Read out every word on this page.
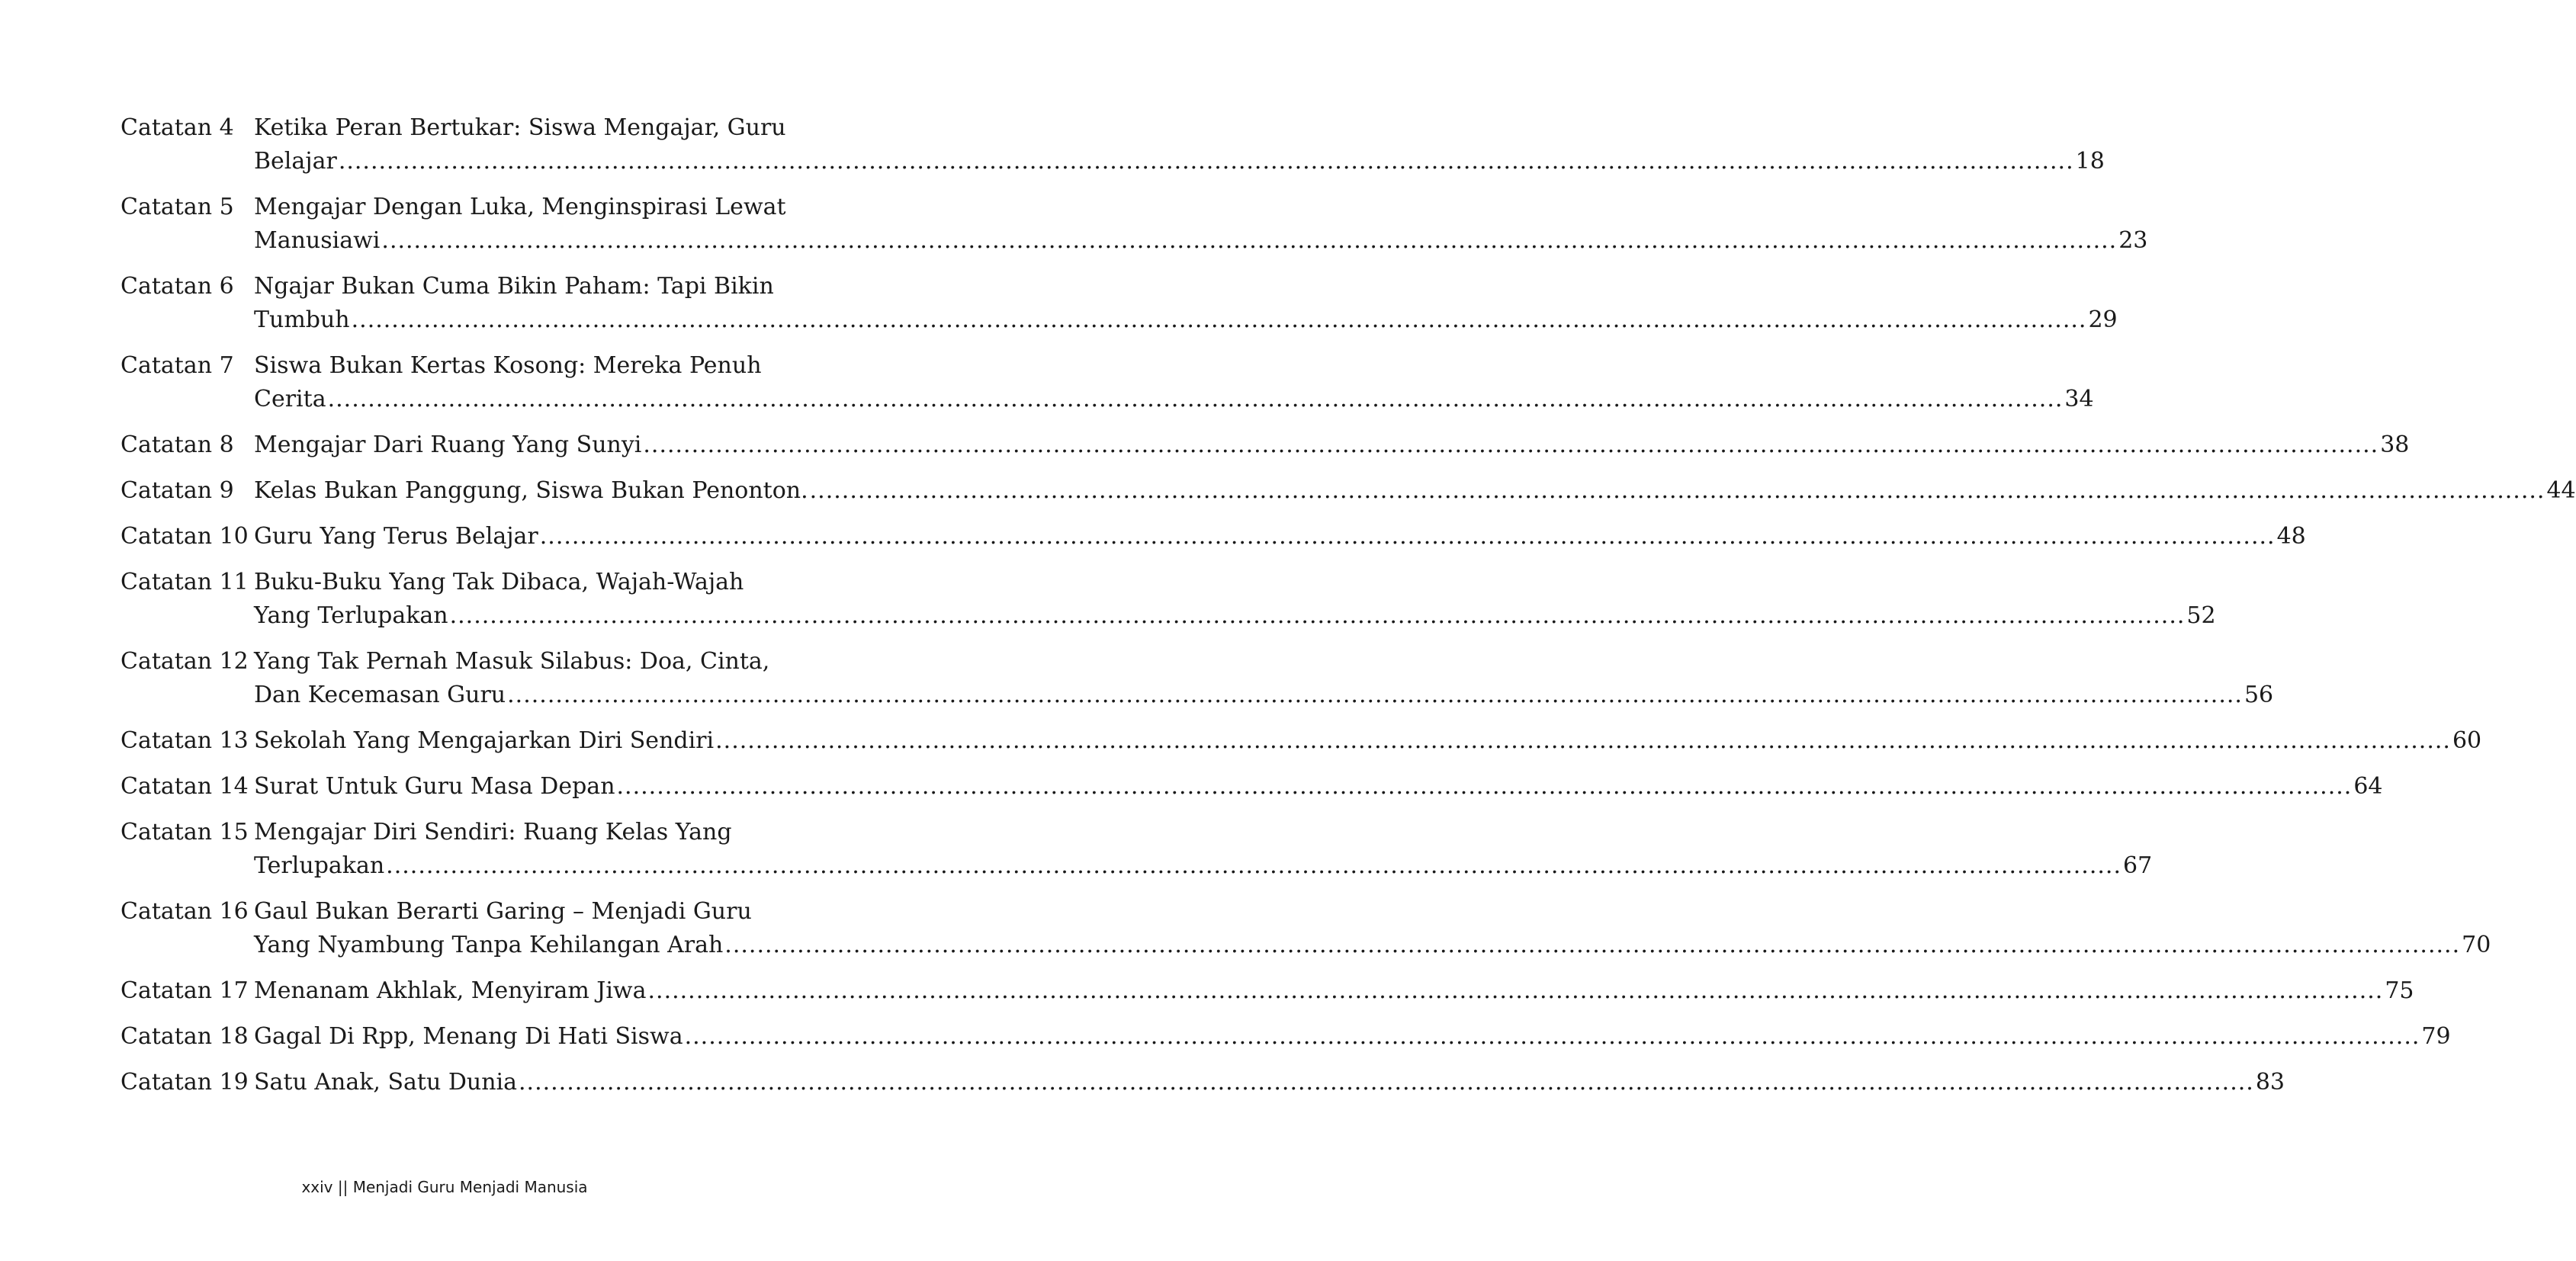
Catatan 4 Ketika Peran Bertukar: Siswa Mengajar, Guru
Belajar .....	18
Catatan 5 Mengajar Dengan Luka, Menginspirasi Lewat
Manusiawi .....	23
Catatan 6 Ngajar Bukan Cuma Bikin Paham: Tapi Bikin
Tumbuh .....	29
Catatan 7 Siswa Bukan Kertas Kosong: Mereka Penuh
Cerita .....	34
Catatan 8 Mengajar Dari Ruang Yang Sunyi .....	38
Catatan 9 Kelas Bukan Panggung, Siswa Bukan Penonton. .....	44
Catatan 10 Guru Yang Terus Belajar .....	48
Catatan 11 Buku-Buku Yang Tak Dibaca, Wajah-Wajah
Yang Terlupakan .....	52
Catatan 12 Yang Tak Pernah Masuk Silabus: Doa, Cinta,
Dan Kecemasan Guru .....	56
Catatan 13 Sekolah Yang Mengajarkan Diri Sendiri .....	60
Catatan 14 Surat Untuk Guru Masa Depan .....	64
Catatan 15 Mengajar Diri Sendiri: Ruang Kelas Yang
Terlupakan .....	67
Catatan 16 Gaul Bukan Berarti Garing – Menjadi Guru
Yang Nyambung Tanpa Kehilangan Arah .....	70
Catatan 17 Menanam Akhlak, Menyiram Jiwa .....	75
Catatan 18 Gagal Di Rpp, Menang Di Hati Siswa .....	79
Catatan 19 Satu Anak, Satu Dunia .....	83
xxiv || Menjadi Guru Menjadi Manusia
